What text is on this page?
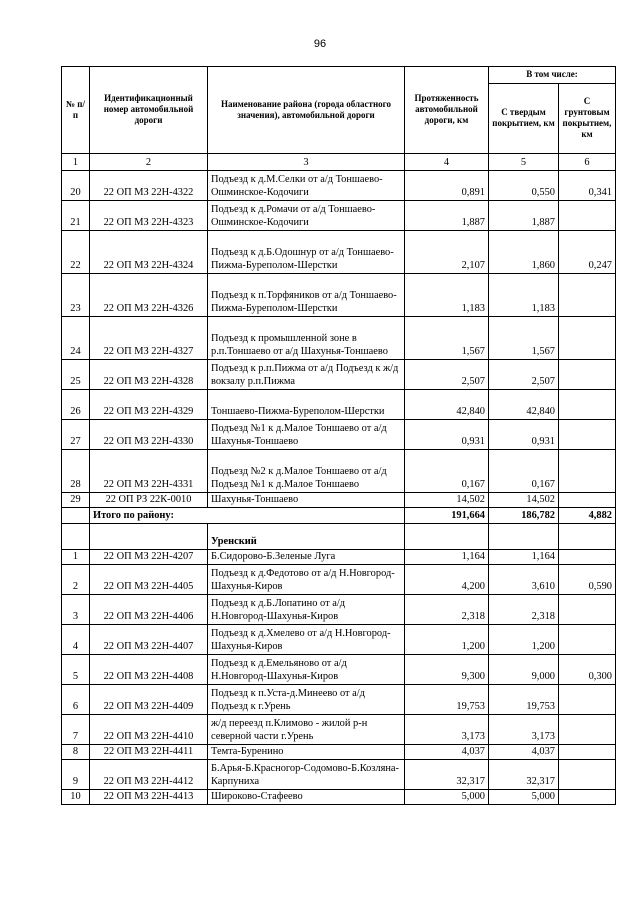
96
№ п/п	Идентификационный номер автомобильной дороги	Наименование района (города областного значения), автомобильной дороги	Протяженность автомобильной дороги, км	В том числе:	
				С твердым покрытием, км	С грунтовым покрытием, км
1	2	3	4	5	6
20	22 ОП МЗ 22Н-4322	Подъезд к д.М.Селки от а/д Тоншаево-Ошминское-Кодочиги	0,891	0,550	0,341
21	22 ОП МЗ 22Н-4323	Подъезд к д.Ромачи от а/д Тоншаево-Ошминское-Кодочиги	1,887	1,887	
22	22 ОП МЗ 22Н-4324	Подъезд к д.Б.Одошнур от а/д Тоншаево-Пижма-Буреполом-Шерстки	2,107	1,860	0,247
23	22 ОП МЗ 22Н-4326	Подъезд к п.Торфяников от а/д Тоншаево-Пижма-Буреполом-Шерстки	1,183	1,183	
24	22 ОП МЗ 22Н-4327	Подъезд к промышленной зоне в р.п.Тоншаево от а/д Шахунья-Тоншаево	1,567	1,567	
25	22 ОП МЗ 22Н-4328	Подъезд к р.п.Пижма от а/д Подъезд к ж/д вокзалу р.п.Пижма	2,507	2,507	
26	22 ОП МЗ 22Н-4329	Тоншаево-Пижма-Буреполом-Шерстки	42,840	42,840	
27	22 ОП МЗ 22Н-4330	Подъезд №1 к д.Малое Тоншаево от а/д Шахунья-Тоншаево	0,931	0,931	
28	22 ОП МЗ 22Н-4331	Подъезд №2 к д.Малое Тоншаево от а/д Подъезд №1 к д.Малое Тоншаево	0,167	0,167	
29	22 ОП РЗ 22К-0010	Шахунья-Тоншаево	14,502	14,502	
	Итого по району:		191,664	186,782	4,882
		Уренский			
1	22 ОП МЗ 22Н-4207	Б.Сидорово-Б.Зеленые Луга	1,164	1,164	
2	22 ОП МЗ 22Н-4405	Подъезд к д.Федотово от а/д Н.Новгород-Шахунья-Киров	4,200	3,610	0,590
3	22 ОП МЗ 22Н-4406	Подъезд к д.Б.Лопатино от а/д Н.Новгород-Шахунья-Киров	2,318	2,318	
4	22 ОП МЗ 22Н-4407	Подъезд к д.Хмелево от а/д Н.Новгород-Шахунья-Киров	1,200	1,200	
5	22 ОП МЗ 22Н-4408	Подъезд к д.Емельяново от а/д Н.Новгород-Шахунья-Киров	9,300	9,000	0,300
6	22 ОП МЗ 22Н-4409	Подъезд к п.Уста-д.Минеево от а/д Подъезд к г.Урень	19,753	19,753	
7	22 ОП МЗ 22Н-4410	ж/д переезд п.Климово - жилой р-н северной части г.Урень	3,173	3,173	
8	22 ОП МЗ 22Н-4411	Темта-Буренино	4,037	4,037	
9	22 ОП МЗ 22Н-4412	Б.Арья-Б.Красногор-Содомово-Б.Козляна-Карпуниха	32,317	32,317	
10	22 ОП МЗ 22Н-4413	Широково-Стафеево	5,000	5,000	
